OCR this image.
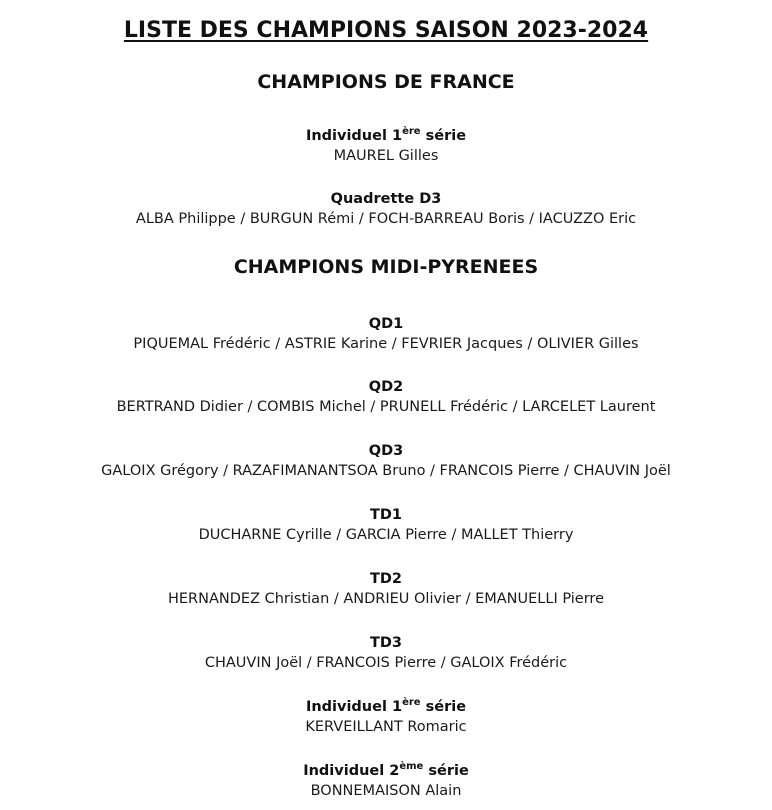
LISTE DES CHAMPIONS SAISON 2023-2024
CHAMPIONS DE FRANCE
Individuel 1ère série
MAUREL Gilles
Quadrette D3
ALBA Philippe / BURGUN Rémi / FOCH-BARREAU Boris / IACUZZO Eric
CHAMPIONS MIDI-PYRENEES
QD1
PIQUEMAL Frédéric / ASTRIE Karine / FEVRIER Jacques / OLIVIER Gilles
QD2
BERTRAND Didier / COMBIS Michel / PRUNELL Frédéric / LARCELET Laurent
QD3
GALOIX Grégory / RAZAFIMANANTSOA Bruno / FRANCOIS Pierre / CHAUVIN Joël
TD1
DUCHARNE Cyrille / GARCIA Pierre / MALLET Thierry
TD2
HERNANDEZ Christian / ANDRIEU Olivier / EMANUELLI Pierre
TD3
CHAUVIN Joël / FRANCOIS Pierre / GALOIX Frédéric
Individuel 1ère série
KERVEILLANT Romaric
Individuel 2ème série
BONNEMAISON Alain
